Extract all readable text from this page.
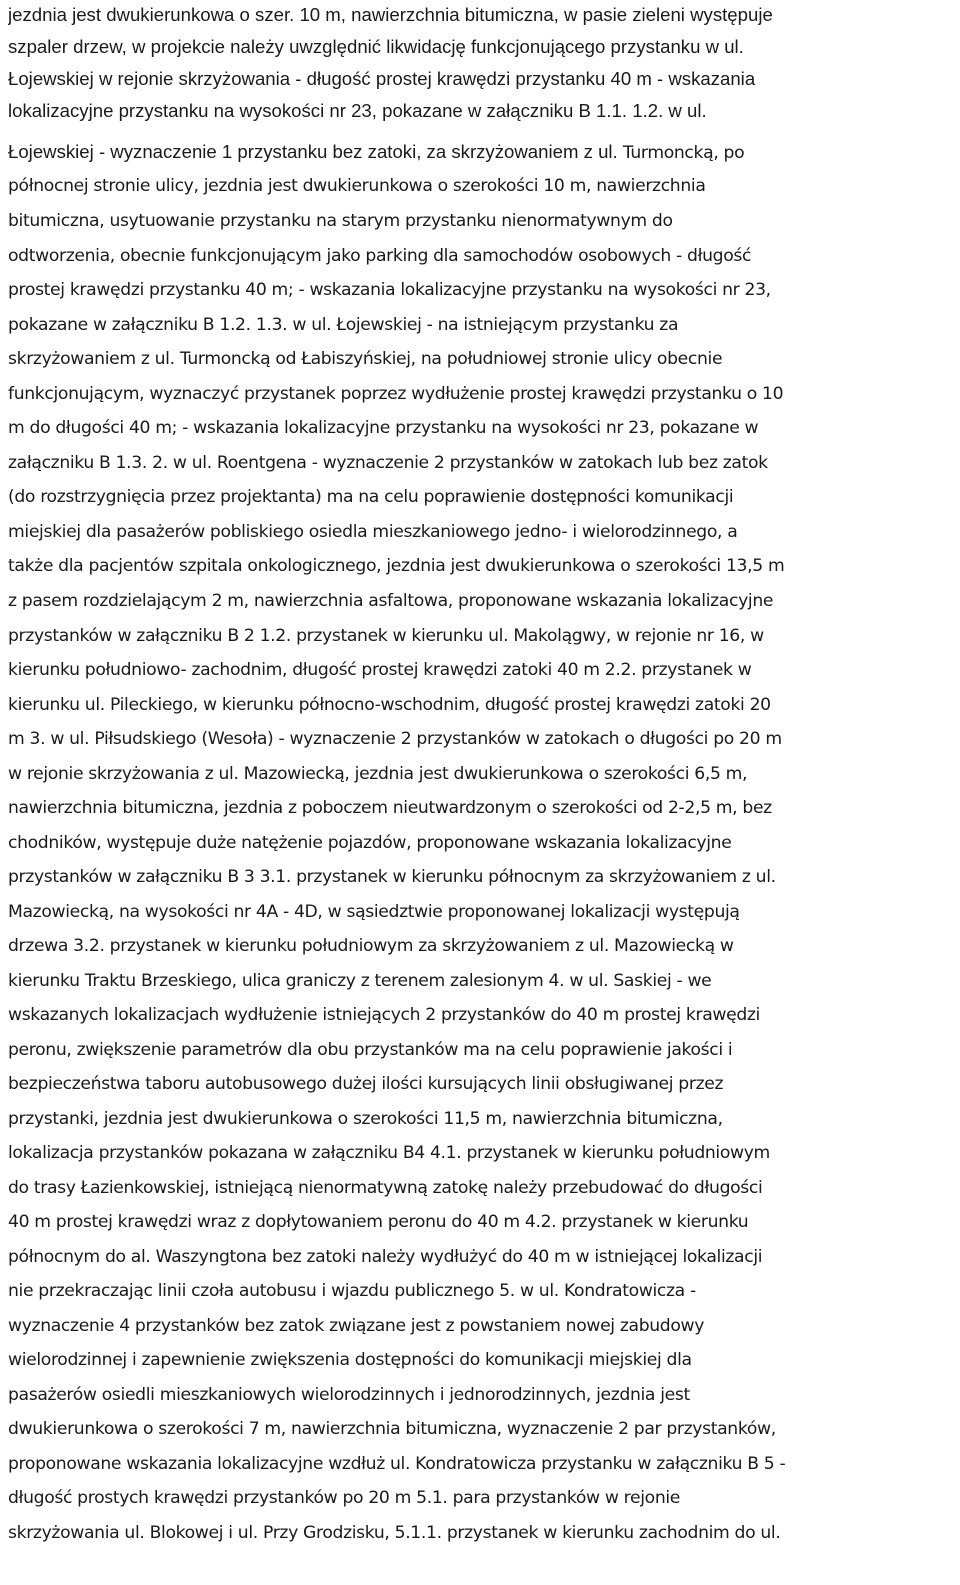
jezdnia jest dwukierunkowa o szer. 10 m, nawierzchnia bitumiczna, w pasie zieleni występuje
szpaler drzew, w projekcie należy uwzględnić likwidację funkcjonującego przystanku w ul.
Łojewskiej w rejonie skrzyżowania - długość prostej krawędzi przystanku 40 m - wskazania
lokalizacyjne przystanku na wysokości nr 23, pokazane w załączniku B 1.1. 1.2. w ul.
Łojewskiej - wyznaczenie 1 przystanku bez zatoki, za skrzyżowaniem z ul. Turmoncką, po
północnej stronie ulicy, jezdnia jest dwukierunkowa o szerokości 10 m, nawierzchnia
bitumiczna, usytuowanie przystanku na starym przystanku nienormatywnym do
odtworzenia, obecnie funkcjonującym jako parking dla samochodów osobowych - długość
prostej krawędzi przystanku 40 m; - wskazania lokalizacyjne przystanku na wysokości nr 23,
pokazane w załączniku B 1.2. 1.3. w ul. Łojewskiej - na istniejącym przystanku za
skrzyżowaniem z ul. Turmoncką od Łabiszyńskiej, na południowej stronie ulicy obecnie
funkcjonującym, wyznaczyć przystanek poprzez wydłużenie prostej krawędzi przystanku o 10
m do długości 40 m; - wskazania lokalizacyjne przystanku na wysokości nr 23, pokazane w
załączniku B 1.3. 2. w ul. Roentgena - wyznaczenie 2 przystanków w zatokach lub bez zatok
(do rozstrzygnięcia przez projektanta) ma na celu poprawienie dostępności komunikacji
miejskiej dla pasażerów pobliskiego osiedla mieszkaniowego jedno- i wielorodzinnego, a
także dla pacjentów szpitala onkologicznego, jezdnia jest dwukierunkowa o szerokości 13,5 m
z pasem rozdzielającym 2 m, nawierzchnia asfaltowa, proponowane wskazania lokalizacyjne
przystanków w załączniku B 2 1.2. przystanek w kierunku ul. Makolągwy, w rejonie nr 16, w
kierunku południowo- zachodnim, długość prostej krawędzi zatoki 40 m 2.2. przystanek w
kierunku ul. Pileckiego, w kierunku północno-wschodnim, długość prostej krawędzi zatoki 20
m 3. w ul. Piłsudskiego (Wesoła) - wyznaczenie 2 przystanków w zatokach o długości po 20 m
w rejonie skrzyżowania z ul. Mazowiecką, jezdnia jest dwukierunkowa o szerokości 6,5 m,
nawierzchnia bitumiczna, jezdnia z poboczem nieutwardzonym o szerokości od 2-2,5 m, bez
chodników, występuje duże natężenie pojazdów, proponowane wskazania lokalizacyjne
przystanków w załączniku B 3 3.1. przystanek w kierunku północnym za skrzyżowaniem z ul.
Mazowiecką, na wysokości nr 4A - 4D, w sąsiedztwie proponowanej lokalizacji występują
drzewa 3.2. przystanek w kierunku południowym za skrzyżowaniem z ul. Mazowiecką w
kierunku Traktu Brzeskiego, ulica graniczy z terenem zalesionym 4. w ul. Saskiej - we
wskazanych lokalizacjach wydłużenie istniejących 2 przystanków do 40 m prostej krawędzi
peronu, zwiększenie parametrów dla obu przystanków ma na celu poprawienie jakości i
bezpieczeństwa taboru autobusowego dużej ilości kursujących linii obsługiwanej przez
przystanki, jezdnia jest dwukierunkowa o szerokości 11,5 m, nawierzchnia bitumiczna,
lokalizacja przystanków pokazana w załączniku B4 4.1. przystanek w kierunku południowym
do trasy Łazienkowskiej, istniejącą nienormatywną zatokę należy przebudować do długości
40 m prostej krawędzi wraz z dopłytowaniem peronu do 40 m 4.2. przystanek w kierunku
północnym do al. Waszyngtona bez zatoki należy wydłużyć do 40 m w istniejącej lokalizacji
nie przekraczając linii czoła autobusu i wjazdu publicznego 5. w ul. Kondratowicza -
wyznaczenie 4 przystanków bez zatok związane jest z powstaniem nowej zabudowy
wielorodzinnej i zapewnienie zwiększenia dostępności do komunikacji miejskiej dla
pasażerów osiedli mieszkaniowych wielorodzinnych i jednorodzinnych, jezdnia jest
dwukierunkowa o szerokości 7 m, nawierzchnia bitumiczna, wyznaczenie 2 par przystanków,
proponowane wskazania lokalizacyjne wzdłuż ul. Kondratowicza przystanku w załączniku B 5 -
długość prostych krawędzi przystanków po 20 m 5.1. para przystanków w rejonie
skrzyżowania ul. Blokowej i ul. Przy Grodzisku, 5.1.1. przystanek w kierunku zachodnim do ul.
